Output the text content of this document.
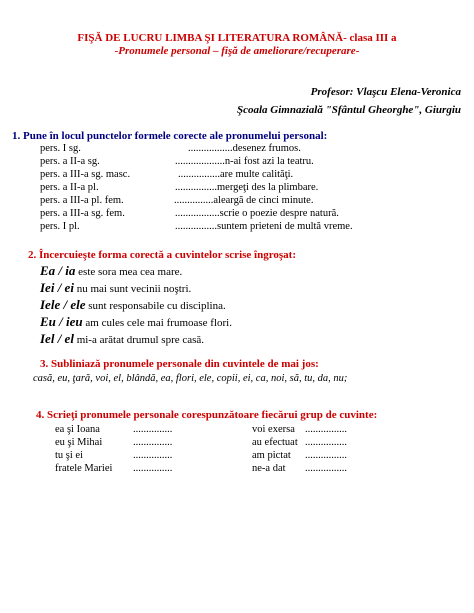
FIŞĂ DE LUCRU LIMBA ŞI LITERATURA ROMÂNĂ- clasa III a
-Pronumele personal – fişă de ameliorare/recuperare-
Profesor: Vlaşcu Elena-Veronica
Şcoala Gimnazială "Sfântul Gheorghe", Giurgiu
1. Pune în locul punctelor formele corecte ale pronumelui personal:
pers. I sg.	.................desenez frumos.
pers. a II-a sg.	...................n-ai fost azi la teatru.
pers. a III-a sg. masc.	................are multe calităţi.
pers. a II-a pl.	................mergeţi des la plimbare.
pers. a III-a pl. fem.	...............aleargă de cinci minute.
pers. a III-a sg. fem.	.................scrie o poezie despre natură.
pers. I pl.	................suntem prieteni de multă vreme.
2. Încercuieşte forma corectă a cuvintelor scrise îngroşat:
Ea / ia este sora mea cea mare.
Iei / ei nu mai sunt vecinii noştri.
Iele / ele sunt responsabile cu disciplina.
Eu / ieu am cules cele mai frumoase flori.
Iel / el mi-a arătat drumul spre casă.
3. Subliniază pronumele personale din cuvintele de mai jos:
casă, eu, ţară, voi, el, blândă, ea, flori, ele, copii, ei, ca, noi, să, tu, da, nu;
4. Scrieţi pronumele personale corespunzătoare fiecărui grup de cuvinte:
ea şi Ioana	...............	voi exersa ................
eu şi Mihai	...............	au efectuat ................
tu şi ei	...............	am pictat ................
fratele Mariei ...............	ne-a dat ................
